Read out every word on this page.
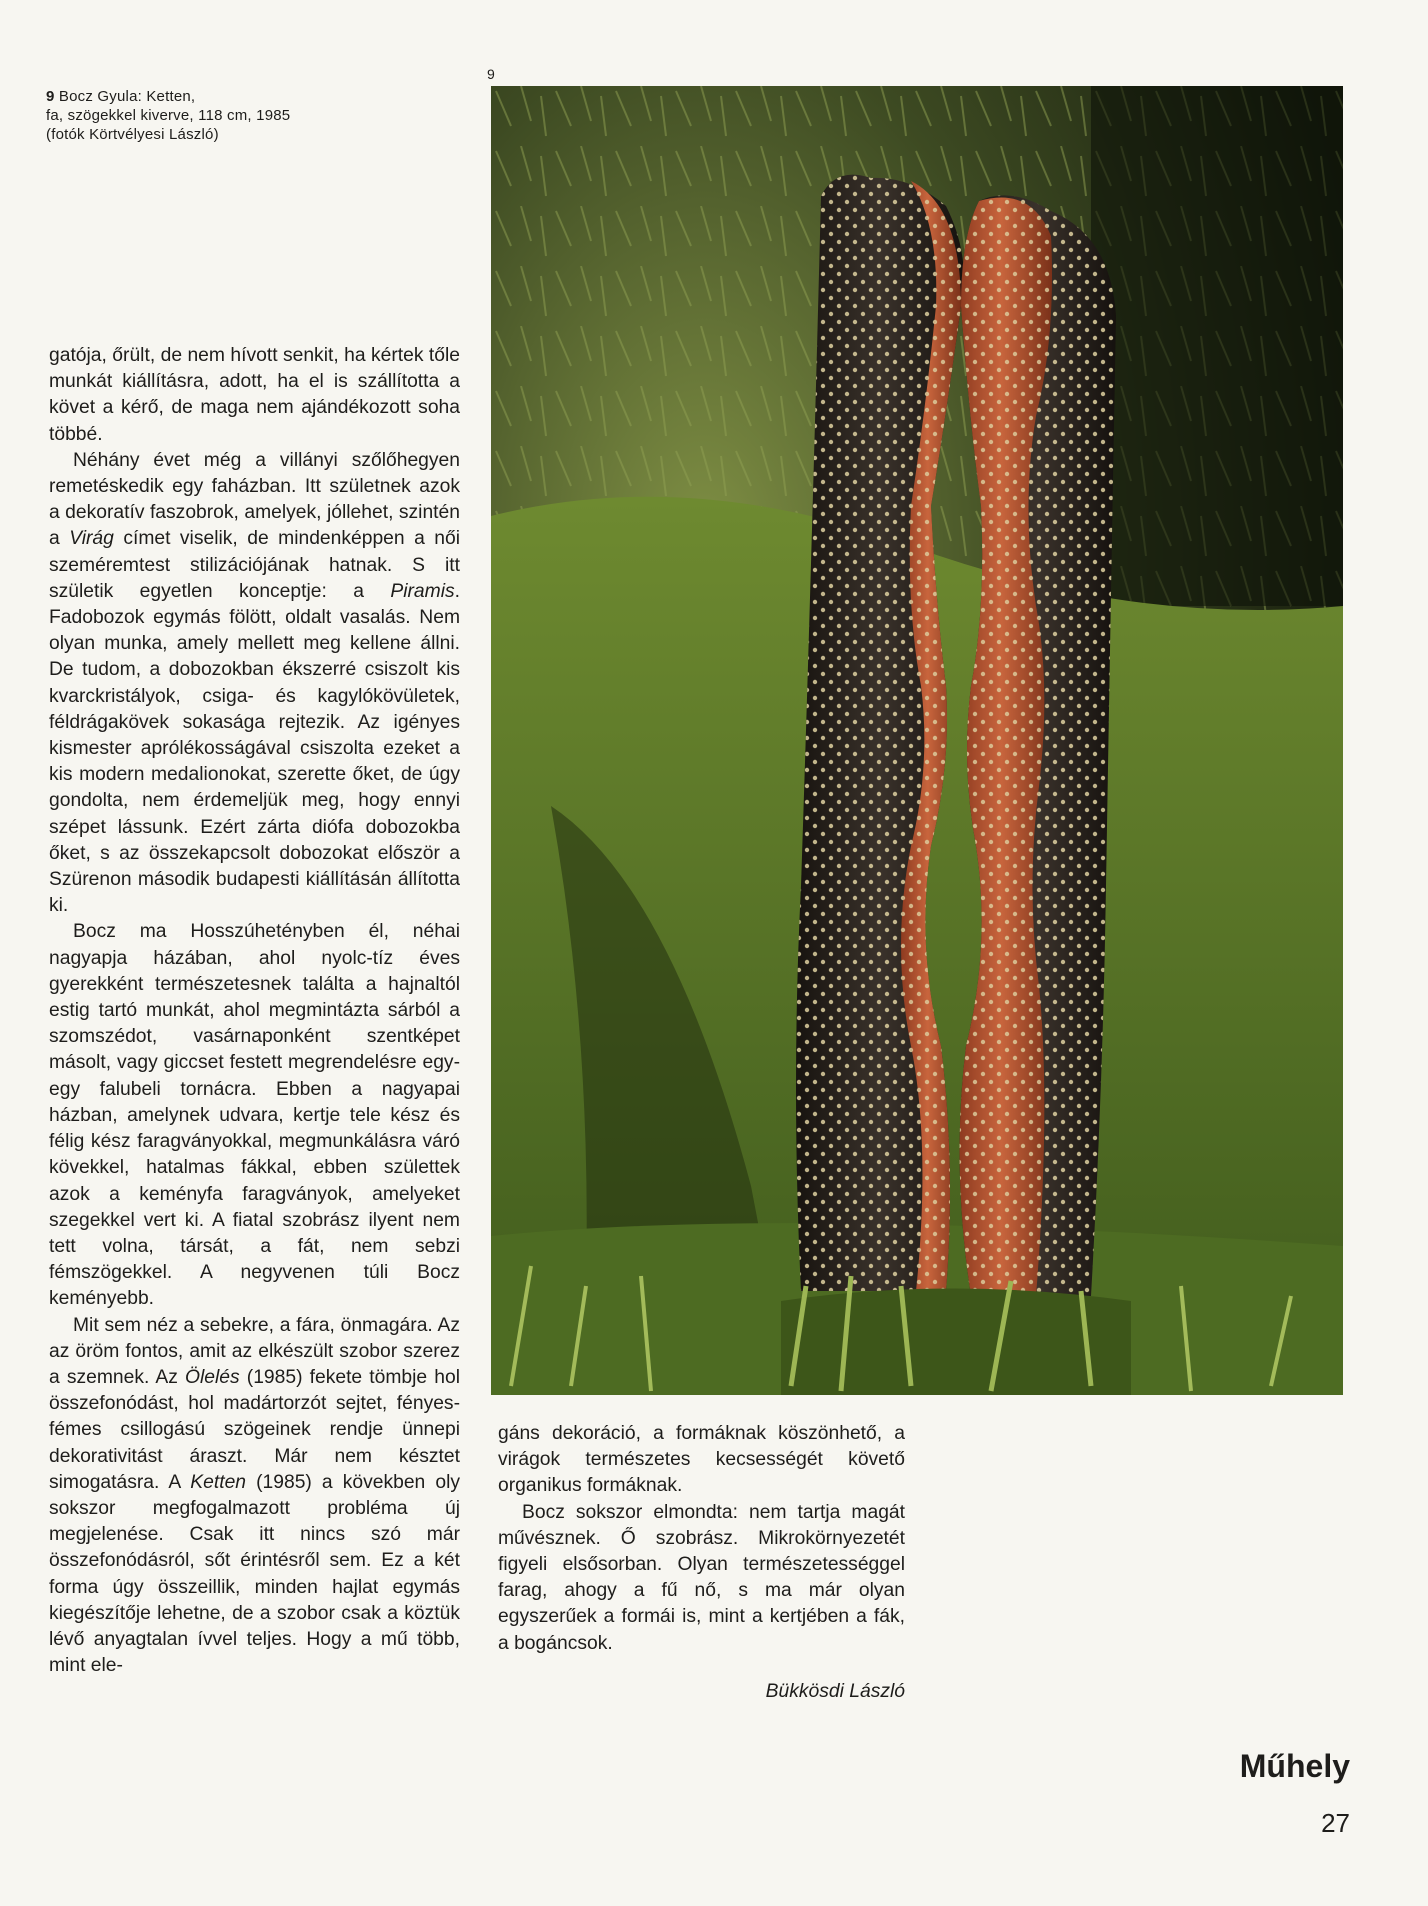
9 Bocz Gyula: Ketten,
fa, szögekkel kiverve, 118 cm, 1985
(fotók Körtvélyesi László)
9

gatója, őrült, de nem hívott senkit, ha kértek tőle munkát kiállításra, adott, ha el is szállította a követ a kérő, de maga nem ajándékozott soha többé.

Néhány évet még a villányi szőlőhegyen remetéskedik egy faházban. Itt születnek azok a dekoratív faszobrok, amelyek, jóllehet, szintén a Virág címet viselik, de mindenképpen a női szeméremtest stilizációjának hatnak. S itt születik egyetlen konceptje: a Piramis. Fadobozok egymás fölött, oldalt vasalás. Nem olyan munka, amely mellett meg kellene állni. De tudom, a dobozokban ékszerré csiszolt kis kvarckristályok, csiga- és kagylókövületek, féldrágakövek sokasága rejtezik. Az igényes kismester aprólékosságával csiszolta ezeket a kis modern medalionokat, szerette őket, de úgy gondolta, nem érdemeljük meg, hogy ennyi szépet lássunk. Ezért zárta diófa dobozokba őket, s az összekapcsolt dobozokat először a Szürenon második budapesti kiállításán állította ki.

Bocz ma Hosszúhetényben él, néhai nagyapja házában, ahol nyolc-tíz éves gyerekként természetesnek találta a hajnaltól estig tartó munkát, ahol megmintázta sárból a szomszédot, vasárnaponként szentképet másolt, vagy giccset festett megrendelésre egy-egy falubeli tornácra. Ebben a nagyapai házban, amelynek udvara, kertje tele kész és félig kész faragványokkal, megmunkálásra váró kövekkel, hatalmas fákkal, ebben születtek azok a keményfa faragványok, amelyeket szegekkel vert ki. A fiatal szobrász ilyent nem tett volna, társát, a fát, nem sebzi fémszögekkel. A negyvenen túli Bocz keményebb.

Mit sem néz a sebekre, a fára, önmagára. Az az öröm fontos, amit az elkészült szobor szerez a szemnek. Az Ölelés (1985) fekete tömbje hol összefonódást, hol madártorzót sejtet, fényes-fémes csillogású szögeinek rendje ünnepi dekorativitást áraszt. Már nem késztet simogatásra. A Ketten (1985) a kövekben oly sokszor megfogalmazott probléma új megjelenése. Csak itt nincs szó már összefonódásról, sőt érintésről sem. Ez a két forma úgy összeillik, minden hajlat egymás kiegészítője lehetne, de a szobor csak a köztük lévő anyagtalan ívvel teljes. Hogy a mű több, mint ele-

gáns dekoráció, a formáknak köszönhető, a virágok természetes kecsességét követő organikus formáknak.

Bocz sokszor elmondta: nem tartja magát művésznek. Ő szobrász. Mikrokörnyezetét figyeli elsősorban. Olyan természetességgel farag, ahogy a fű nő, s ma már olyan egyszerűek a formái is, mint a kertjében a fák, a bogáncsok.

Bükkösdi László
Műhely
27
